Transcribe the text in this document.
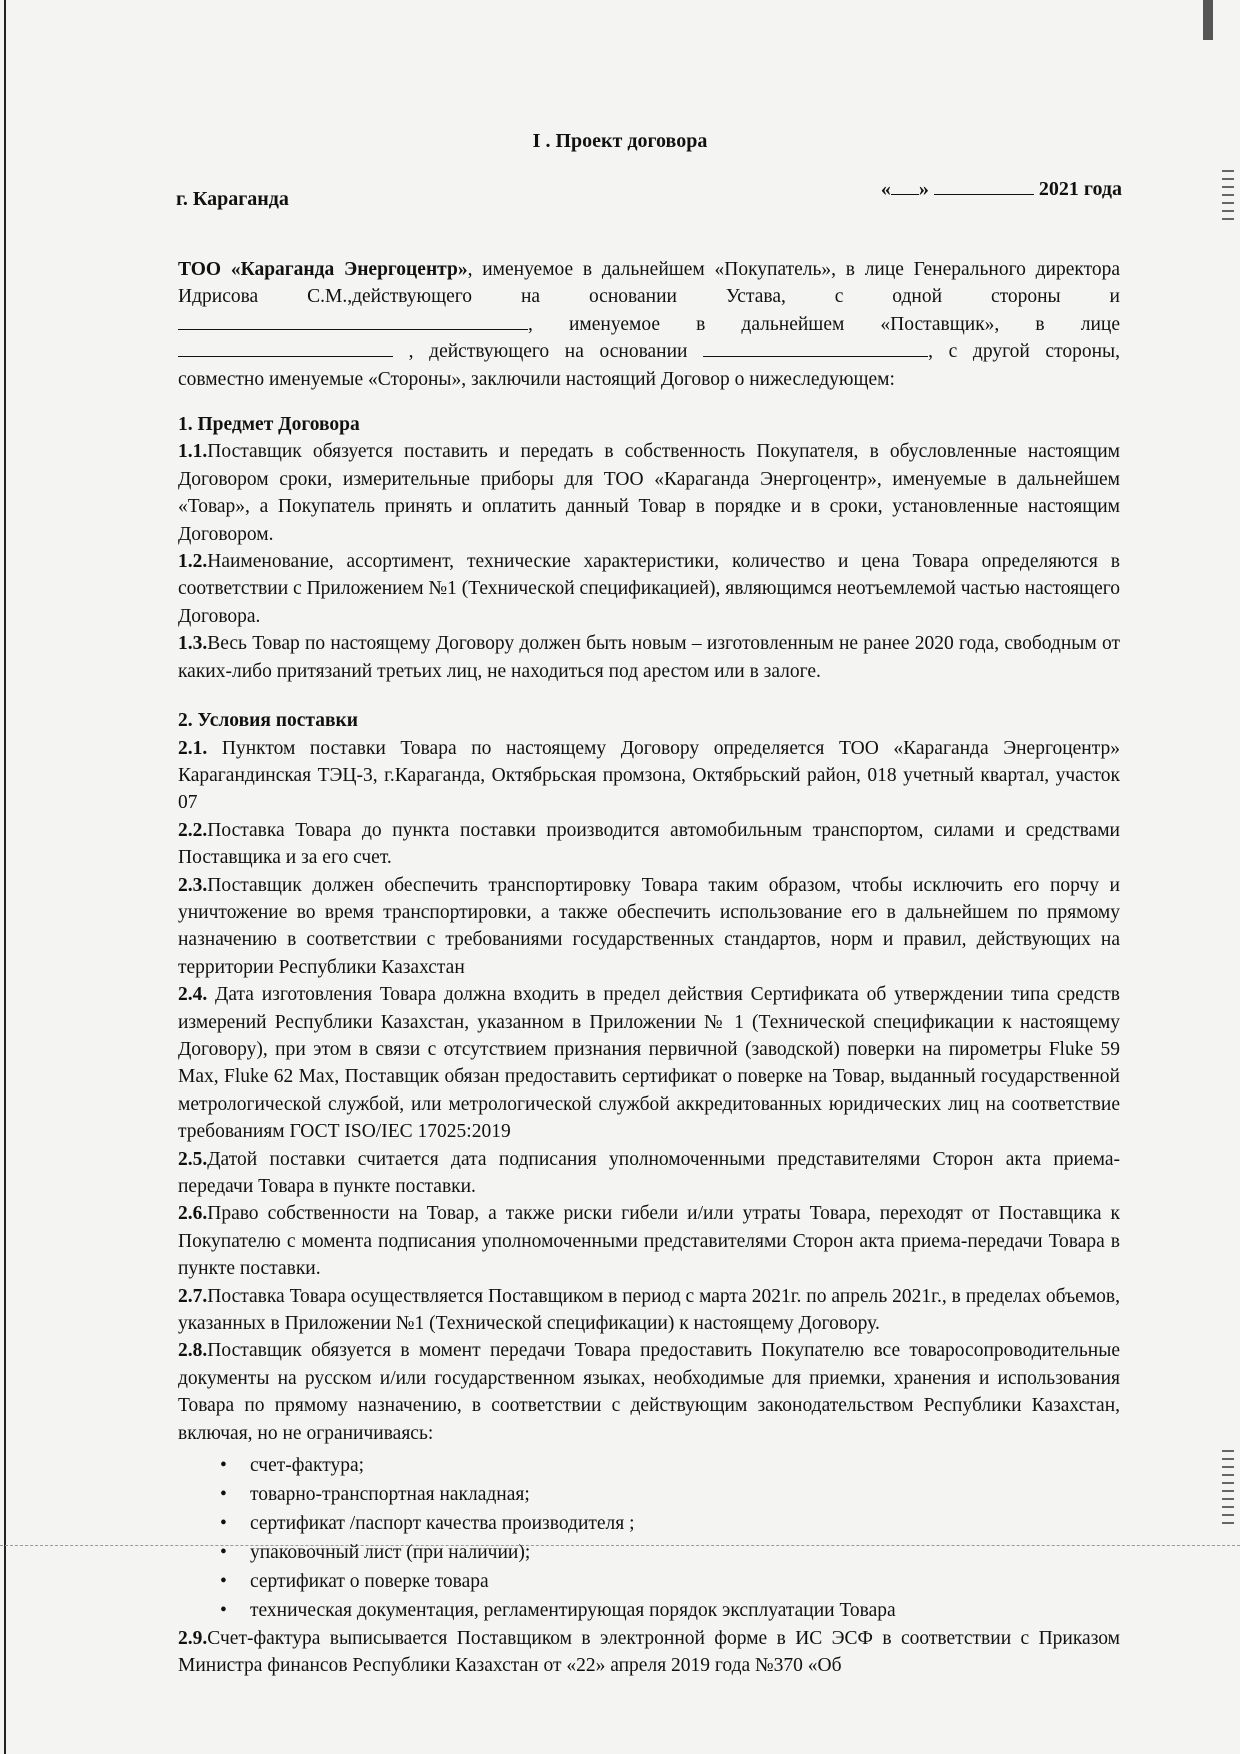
I . Проект договора
г. Караганда	« »	2021 года

ТОО «Караганда Энергоцентр», именуемое в дальнейшем «Покупатель», в лице Генерального директора Идрисова С.М.,действующего на основании Устава, с одной стороны и , именуемое в дальнейшем «Поставщик», в лице  , действующего на основании	, с другой стороны, совместно именуемые «Стороны», заключили настоящий Договор о нижеследующем:

1. Предмет Договора

1.1.Поставщик обязуется поставить и передать в собственность Покупателя, в обусловленные настоящим Договором сроки, измерительные приборы для ТОО «Караганда Энергоцентр», именуемые в дальнейшем «Товар», а Покупатель принять и оплатить данный Товар в порядке и в сроки, установленные настоящим Договором.

1.2.Наименование, ассортимент, технические характеристики, количество и цена Товара определяются в соответствии с Приложением №1 (Технической спецификацией), являющимся неотъемлемой частью настоящего Договора.

1.3.Весь Товар по настоящему Договору должен быть новым – изготовленным не ранее 2020 года, свободным от каких-либо притязаний третьих лиц, не находиться под арестом или в залоге.

2. Условия поставки

2.1. Пунктом поставки Товара по настоящему Договору определяется ТОО «Караганда Энергоцентр» Карагандинская ТЭЦ-3, г.Караганда, Октябрьская промзона, Октябрьский район, 018 учетный квартал, участок 07

2.2.Поставка Товара до пункта поставки производится автомобильным транспортом, силами и средствами Поставщика и за его счет.

2.3.Поставщик должен обеспечить транспортировку Товара таким образом, чтобы исключить его порчу и уничтожение во время транспортировки, а также обеспечить использование его в дальнейшем по прямому назначению в соответствии с требованиями государственных стандартов, норм и правил, действующих на территории Республики Казахстан

2.4. Дата изготовления Товара должна входить в предел действия Сертификата об утверждении типа средств измерений Республики Казахстан, указанном в Приложении № 1 (Технической спецификации к настоящему Договору), при этом в связи с отсутствием признания первичной (заводской) поверки на пирометры Fluke 59 Max, Fluke 62 Max, Поставщик обязан предоставить сертификат о поверке на Товар, выданный государственной метрологической службой, или метрологической службой аккредитованных юридических лиц на соответствие требованиям ГОСТ ISO/IEC 17025:2019

2.5.Датой поставки считается дата подписания уполномоченными представителями Сторон акта приема-передачи Товара в пункте поставки.

2.6.Право собственности на Товар, а также риски гибели и/или утраты Товара, переходят от Поставщика к Покупателю с момента подписания уполномоченными представителями Сторон акта приема-передачи Товара в пункте поставки.

2.7.Поставка Товара осуществляется Поставщиком в период с марта 2021г. по апрель 2021г., в пределах объемов, указанных в Приложении №1 (Технической спецификации) к настоящему Договору.

2.8.Поставщик обязуется в момент передачи Товара предоставить Покупателю все товаросопроводительные документы на русском и/или государственном языках, необходимые для приемки, хранения и использования Товара по прямому назначению, в соответствии с действующим законодательством Республики Казахстан, включая, но не ограничиваясь:

• счет-фактура;
• товарно-транспортная накладная;
• сертификат /паспорт качества производителя ;
• упаковочный лист (при наличии);
• сертификат о поверке товара
• техническая документация, регламентирующая порядок эксплуатации Товара

2.9.Счет-фактура выписывается Поставщиком в электронной форме в ИС ЭСФ в соответствии с Приказом Министра финансов Республики Казахстан от «22» апреля 2019 года №370 «Об
